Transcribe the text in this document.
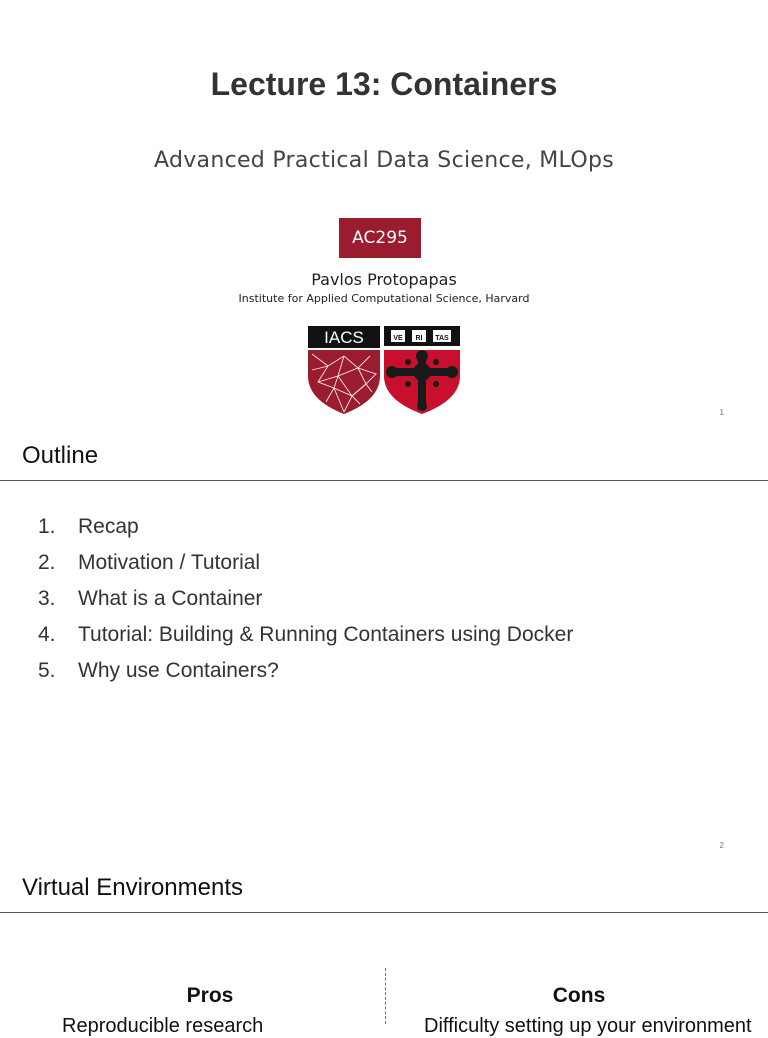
Lecture 13: Containers
Advanced Practical Data Science, MLOps
AC295
Pavlos Protopapas
Institute for Applied Computational Science, Harvard
IACS	VE RI TAS
1
Outline
1.	Recap
2.	Motivation / Tutorial
3.	What is a Container
4.	Tutorial: Building & Running Containers using Docker
5.	Why use Containers?
2
Virtual Environments
Pros	Cons
Reproducible research	Difficulty setting up your environment
